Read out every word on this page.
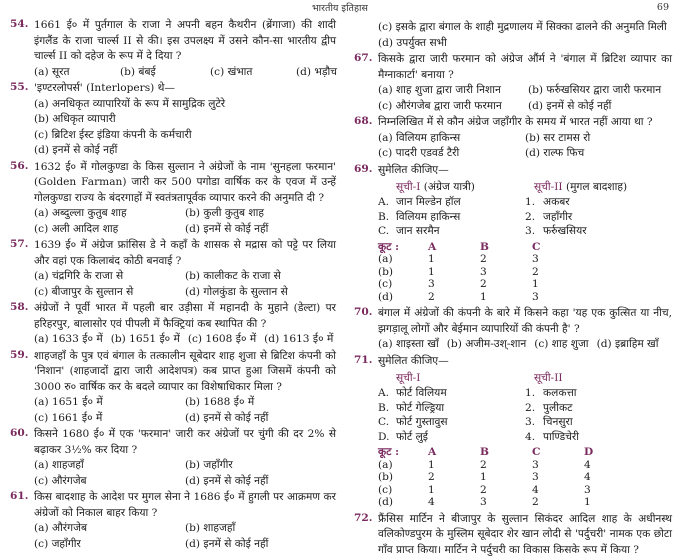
भारतीय इतिहास	69
54. 1661 ई० में पुर्तगाल के राजा ने अपनी बहन कैथरीन (ब्रेंगाजा) की शादी इंगलैंड के राजा चार्ल्स II से की। इस उपलक्ष्य में उसने कौन-सा भारतीय द्वीप चार्ल्स II को दहेज के रूप में दे दिया ?
(a) सूरत	(b) बंबई	(c) खंभात	(d) भड़ौच
55. 'इण्टरलोपर्स' (Interlopers) थे—
(a) अनधिकृत व्यापारियों के रूप में सामुद्रिक लुटेरे
(b) अधिकृत व्यापारी
(c) ब्रिटिश ईस्ट इंडिया कंपनी के कर्मचारी
(d) इनमें से कोई नहीं
56. 1632 ई० में गोलकुण्डा के किस सुल्तान ने अंग्रेजों के नाम 'सुनहला फरमान' (Golden Farman) जारी कर 500 पगोडा वार्षिक कर के एवज में उन्हें गोलकुण्डा राज्य के बंदरगाहों में स्वतंत्रतापूर्वक व्यापार करने की अनुमति दी ?
(a) अब्दुल्ला कुतुब शाह	(b) कुली कुतुब शाह
(c) अली आदिल शाह	(d) इनमें से कोई नहीं
57. 1639 ई० में अंग्रेज फ्रांसिस डे ने कहाँ के शासक से मद्रास को पट्टे पर लिया और वहां एक किलाबंद कोठी बनवाई ?
(a) चंद्रगिरि के राजा से	(b) कालीकट के राजा से
(c) बीजापुर के सुल्तान से	(d) गोलकुंडा के सुल्तान से
58. अंग्रेजों ने पूर्वी भारत में पहली बार उड़ीसा में महानदी के मुहाने (डेल्टा) पर हरिहरपुर, बालासोर एवं पीपली में फैक्ट्रियां कब स्थापित की ?
(a) 1633 ई० में (b) 1651 ई० में (c) 1608 ई० में (d) 1613 ई० में
59. शाहजहाँ के पुत्र एवं बंगाल के तत्कालीन सूबेदार शाह शुजा से ब्रिटिश कंपनी को 'निशान' (शाहजादों द्वारा जारी आदेशपत्र) कब प्राप्त हुआ जिसमें कंपनी को 3000 रु० वार्षिक कर के बदले व्यापार का विशेषाधिकार मिला ?
(a) 1651 ई० में	(b) 1688 ई० में
(c) 1661 ई० में	(d) इनमें से कोई नहीं
60. किसने 1680 ई० में एक 'फरमान' जारी कर अंग्रेजों पर चुंगी की दर 2% से बढ़ाकर 3½% कर दिया ?
(a) शाहजहाँ	(b) जहाँगीर
(c) औरंगजेब	(d) इनमें से कोई नहीं
61. किस बादशाह के आदेश पर मुगल सेना ने 1686 ई० में हुगली पर आक्रमण कर अंग्रेजों को निकाल बाहर किया ?
(a) औरंगजेब	(b) शाहजहाँ
(c) जहाँगीर	(d) इनमें से कोई नहीं
(c) इसके द्वारा बंगाल के शाही मुद्रणालय में सिक्का ढालने की अनुमति मिली
(d) उपर्युक्त सभी
67. किसके द्वारा जारी फरमान को अंग्रेज औंर्म ने 'बंगाल में ब्रिटिश व्यापार का मैग्नाकार्टा' बनाया ?
(a) शाह शुजा द्वारा जारी निशान	(b) फर्रुखसियर द्वारा जारी फरमान
(c) औरंगजेब द्वारा जारी फरमान	(d) इनमें से कोई नहीं
68. निम्नलिखित में से कौन अंग्रेज जहाँगीर के समय में भारत नहीं आया था ?
(a) विलियम हाकिन्स	(b) सर टामस रो
(c) पादरी एडवर्ड टैरी	(d) राल्फ फिच
69. सुमेलित कीजिए—
सूची-I (अंग्रेज यात्री)	सूची-II (मुगल बादशाह)
A. जान मिल्डेन हॉल	1. अकबर
B. विलियम हाकिन्स	2. जहाँगीर
C. जान सरमैन	3. फर्रुखसियर
कूट :	A	B	C
(a)	1	2	3
(b)	1	3	2
(c)	3	2	1
(d)	2	1	3
70. बंगाल में अंग्रेजों की कंपनी के बारे में किसने कहा 'यह एक कुत्सित या नीच, झगड़ालू लोगों और बेईमान व्यापारियों की कंपनी है' ?
(a) शाइस्ता खाँ (b) अजीम-उश्-शान (c) शाह शुजा (d) इब्राहिम खाँ
71. सुमेलित कीजिए—
सूची-I	सूची-II
A. फोर्ट विलियम	1. कलकत्ता
B. फोर्ट गेल्ड्रिया	2. पुलीकट
C. फोर्ट गुस्तावुस	3. चिनसुरा
D. फोर्ट लुई	4. पाण्डिचेरी
कूट :	A	B	C	D
(a)	1	2	3	4
(b)	2	1	3	4
(c)	1	2	4	3
(d)	4	3	2	1
72. फ्रैंसिस मार्टिन ने बीजापुर के सुल्तान सिकंदर आदिल शाह के अधीनस्थ वलिकोण्डपुरम के मुस्लिम सूबेदार शेर खान लोदी से 'पर्दुचरी' नामक एक छोटा गाँव प्राप्त किया। मार्टिन ने पर्दुचरी का विकास किसके रूप में किया ?
